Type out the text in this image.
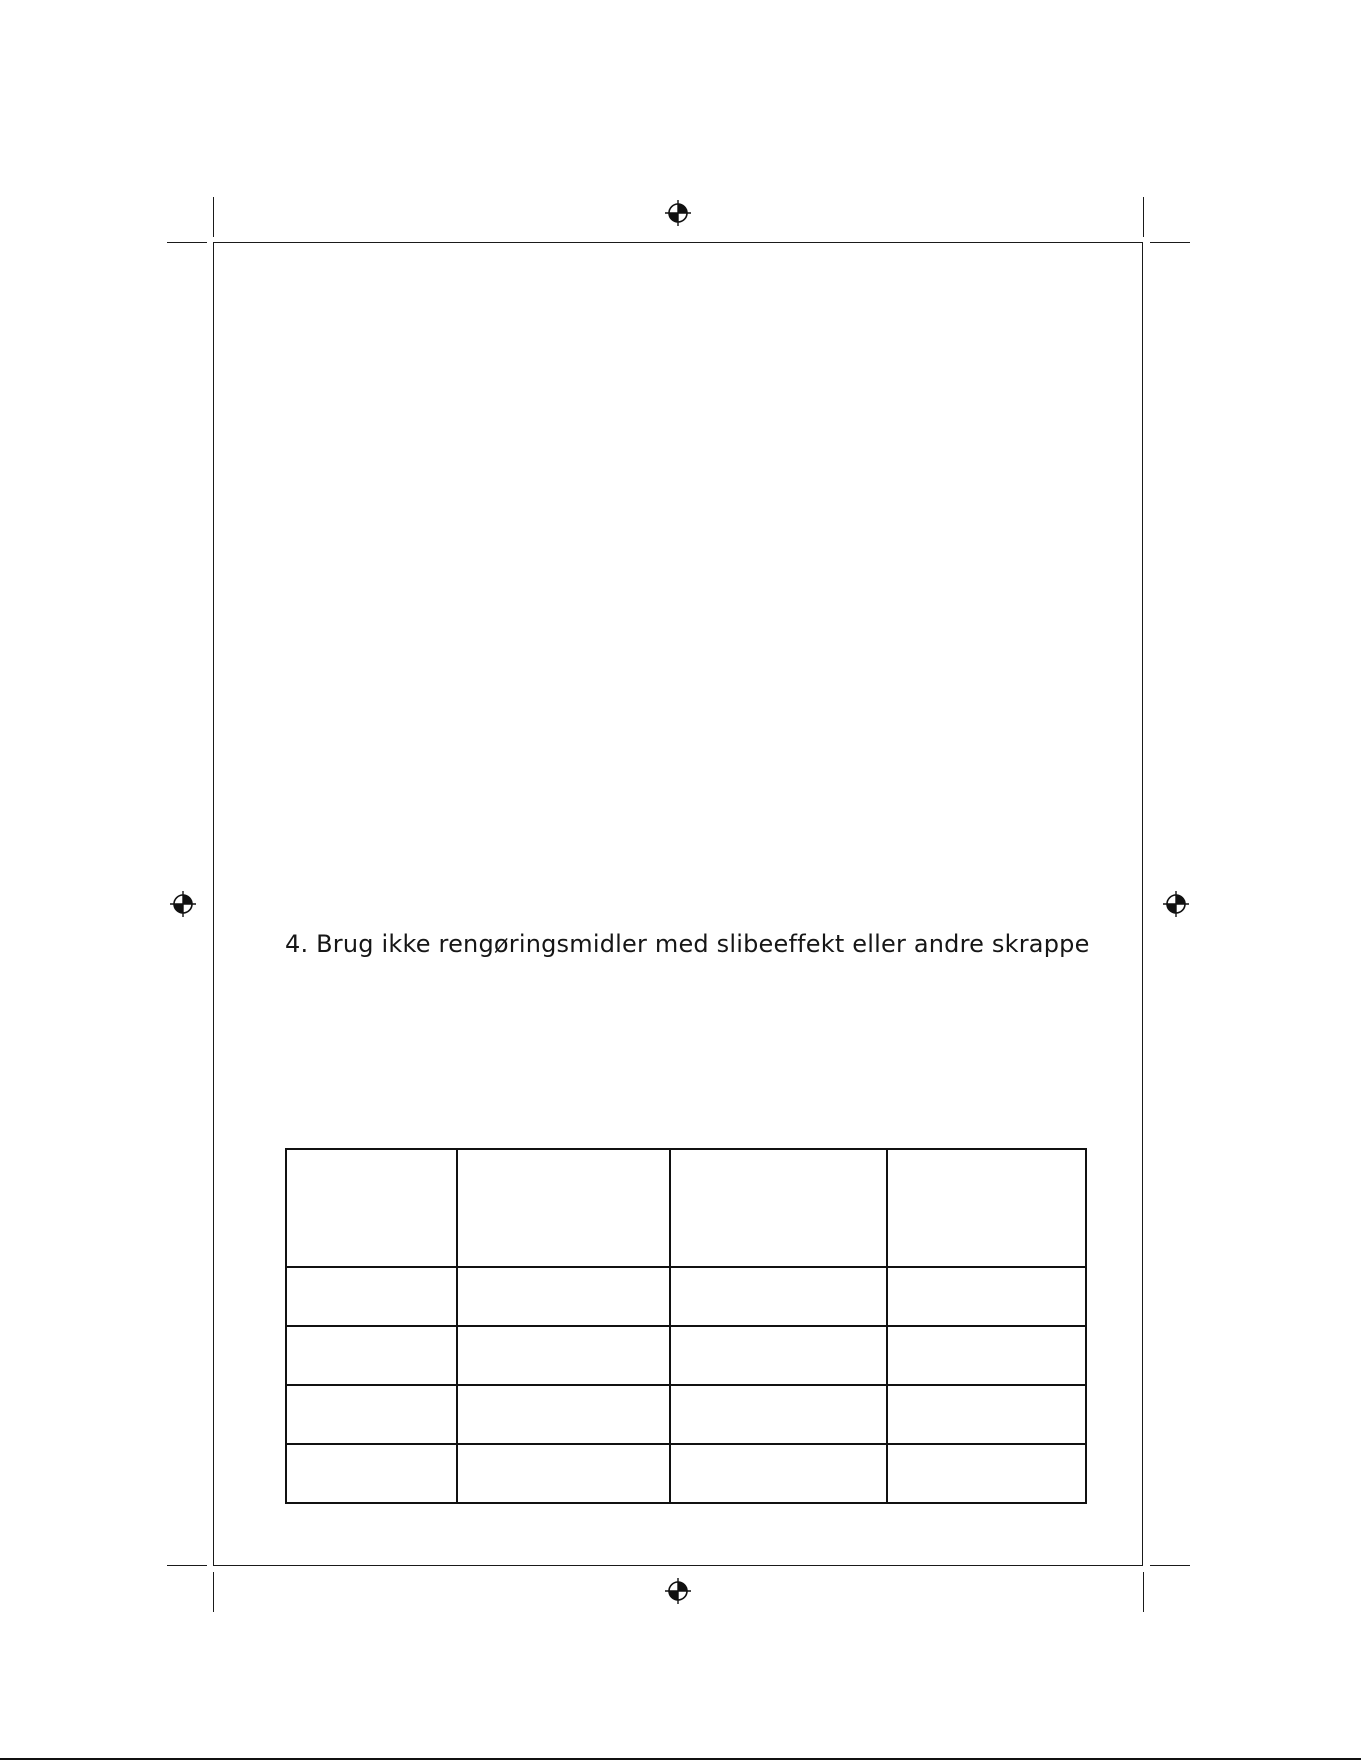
4. Brug ikke rengøringsmidler med slibeeffekt eller andre skrappe
